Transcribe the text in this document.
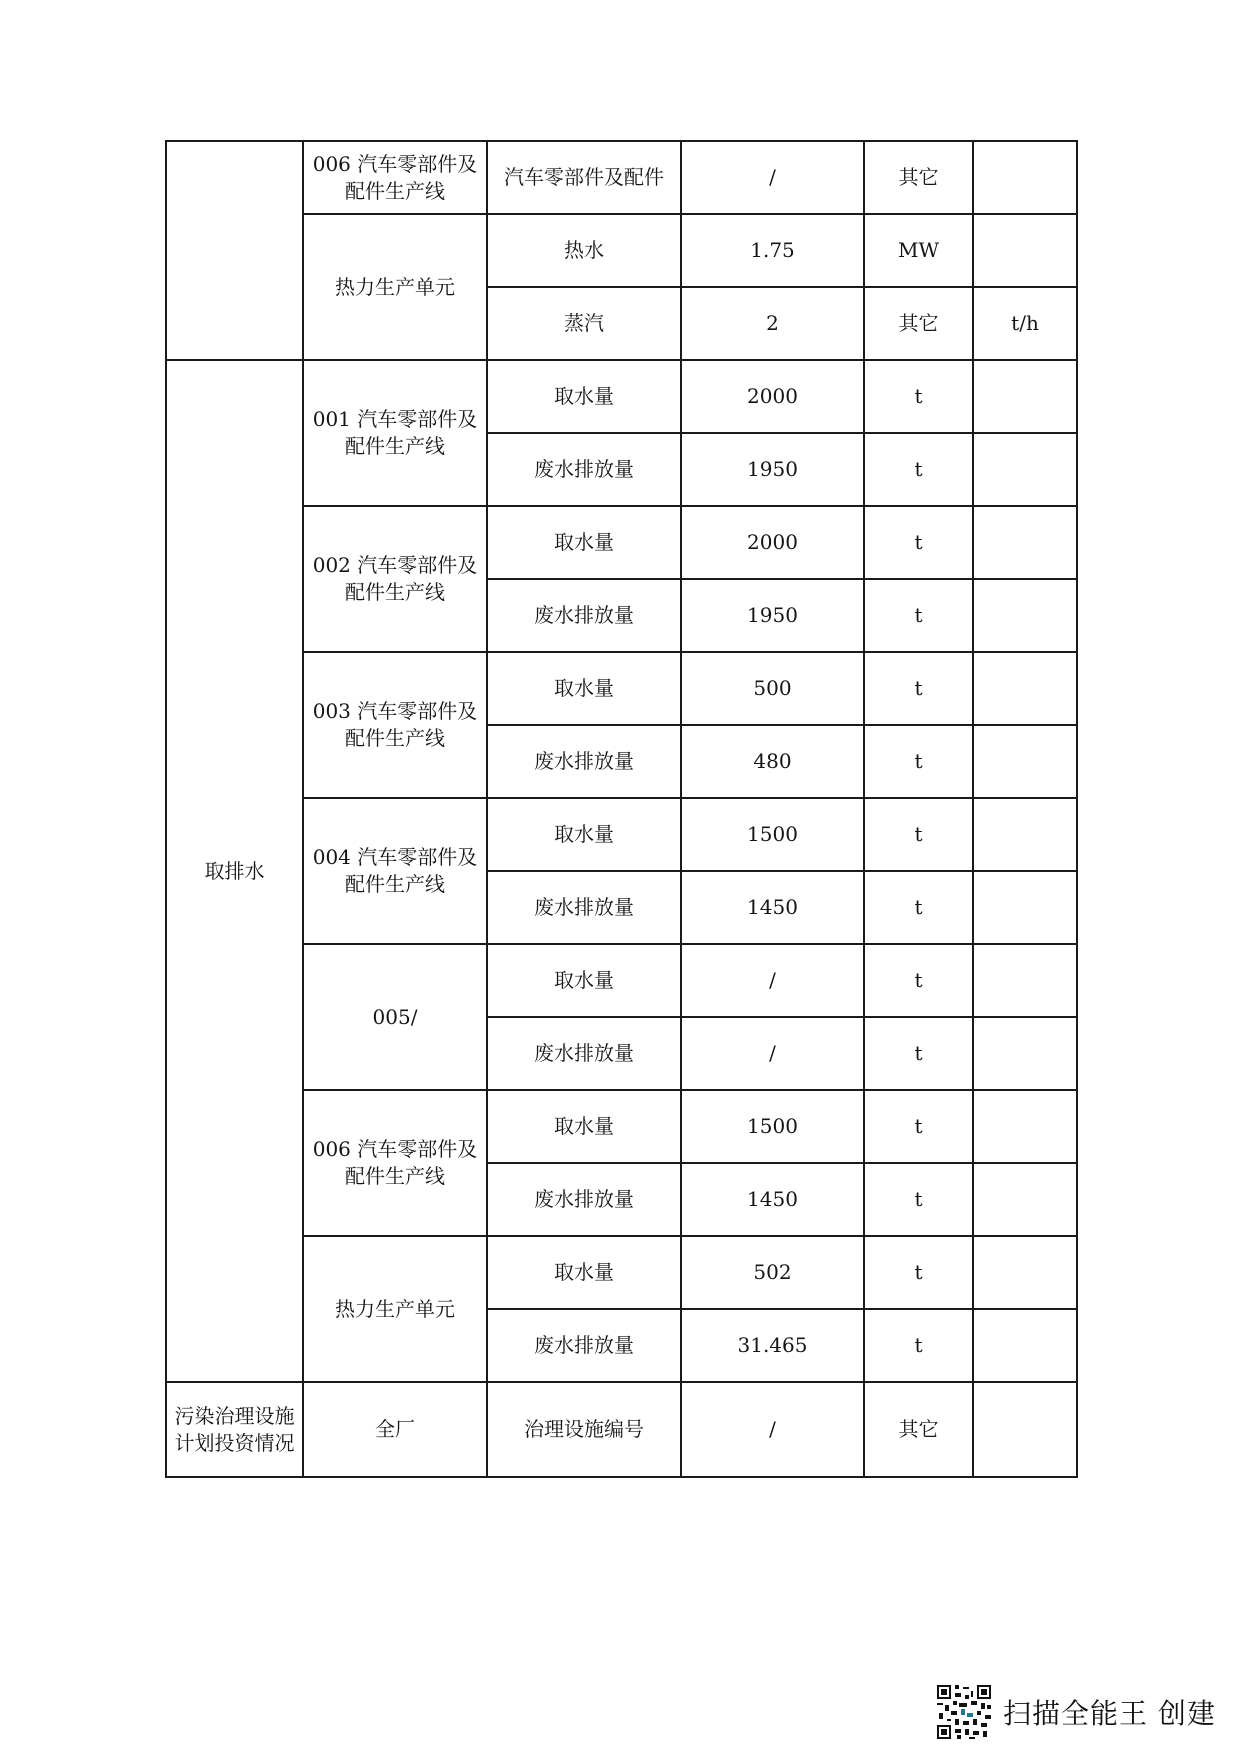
	006 汽车零部件及配件生产线	汽车零部件及配件	/	其它	
	热力生产单元	热水	1.75	MW	
		蒸汽	2	其它	t/h
取排水	001 汽车零部件及配件生产线	取水量	2000	t	
		废水排放量	1950	t	
	002 汽车零部件及配件生产线	取水量	2000	t	
		废水排放量	1950	t	
	003 汽车零部件及配件生产线	取水量	500	t	
		废水排放量	480	t	
	004 汽车零部件及配件生产线	取水量	1500	t	
		废水排放量	1450	t	
	005/	取水量	/	t	
		废水排放量	/	t	
	006 汽车零部件及配件生产线	取水量	1500	t	
		废水排放量	1450	t	
	热力生产单元	取水量	502	t	
		废水排放量	31.465	t	
污染治理设施计划投资情况	全厂	治理设施编号	/	其它	
扫描全能王 创建
